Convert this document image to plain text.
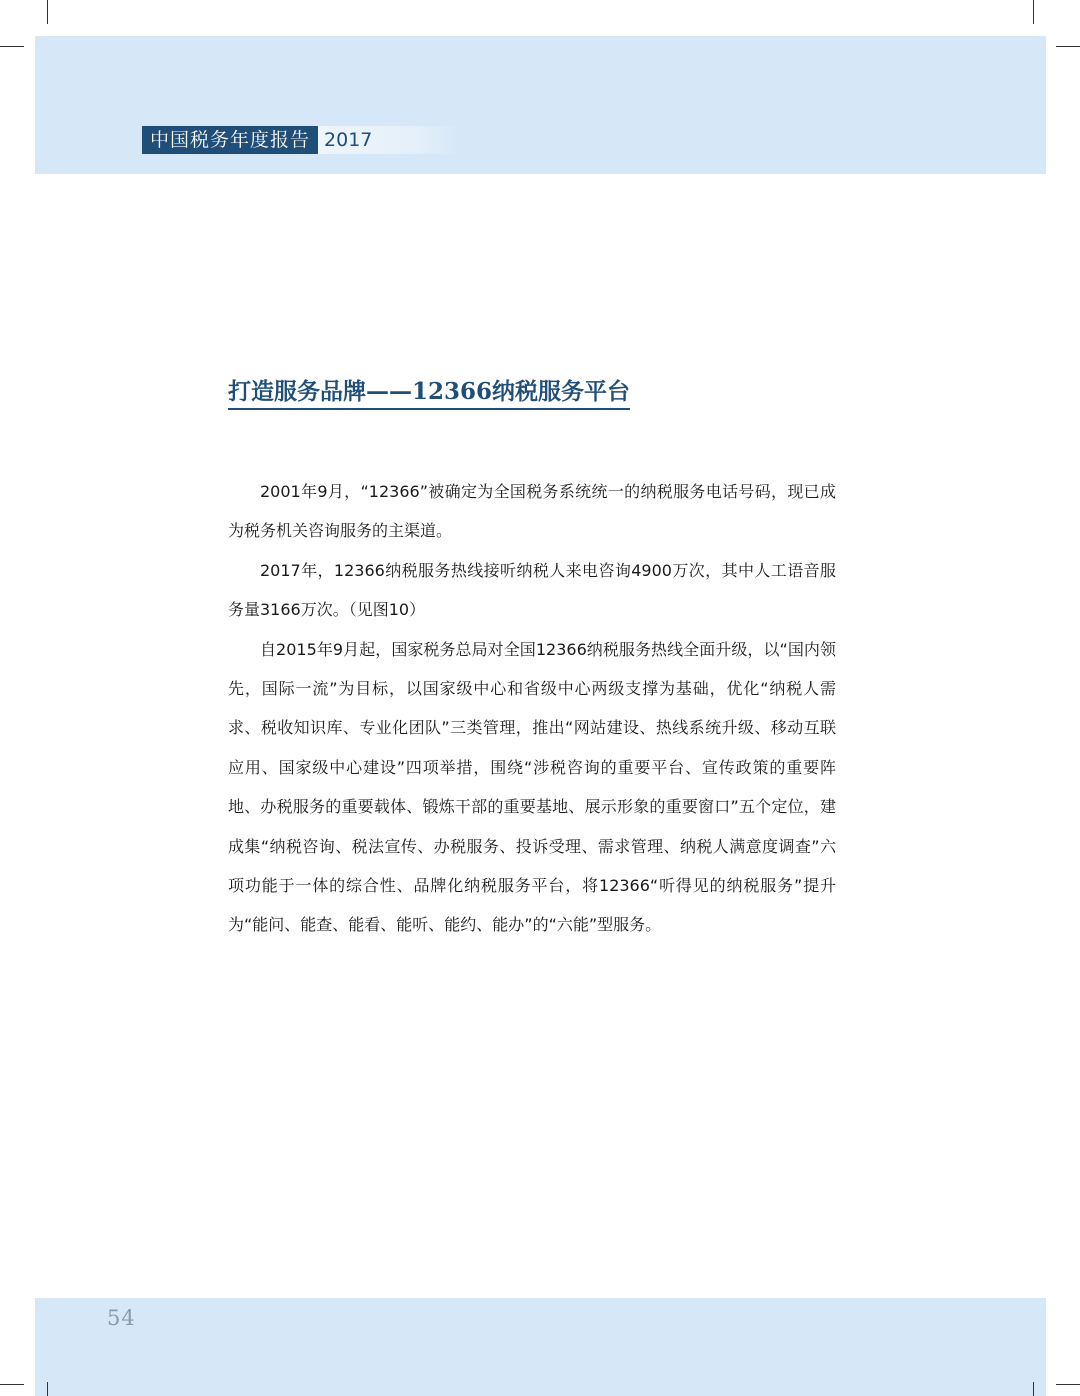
中国税务年度报告 2017
打造服务品牌——12366纳税服务平台

2001年9月，“12366”被确定为全国税务系统统一的纳税服务电话号码，现已成为税务机关咨询服务的主渠道。

2017年，12366纳税服务热线接听纳税人来电咨询4900万次，其中人工语音服务量3166万次。（见图10）

自2015年9月起，国家税务总局对全国12366纳税服务热线全面升级，以“国内领先，国际一流”为目标，以国家级中心和省级中心两级支撑为基础，优化“纳税人需求、税收知识库、专业化团队”三类管理，推出“网站建设、热线系统升级、移动互联应用、国家级中心建设”四项举措，围绕“涉税咨询的重要平台、宣传政策的重要阵地、办税服务的重要载体、锻炼干部的重要基地、展示形象的重要窗口”五个定位，建成集“纳税咨询、税法宣传、办税服务、投诉受理、需求管理、纳税人满意度调查”六项功能于一体的综合性、品牌化纳税服务平台，将12366“听得见的纳税服务”提升为“能问、能查、能看、能听、能约、能办”的“六能”型服务。

54
